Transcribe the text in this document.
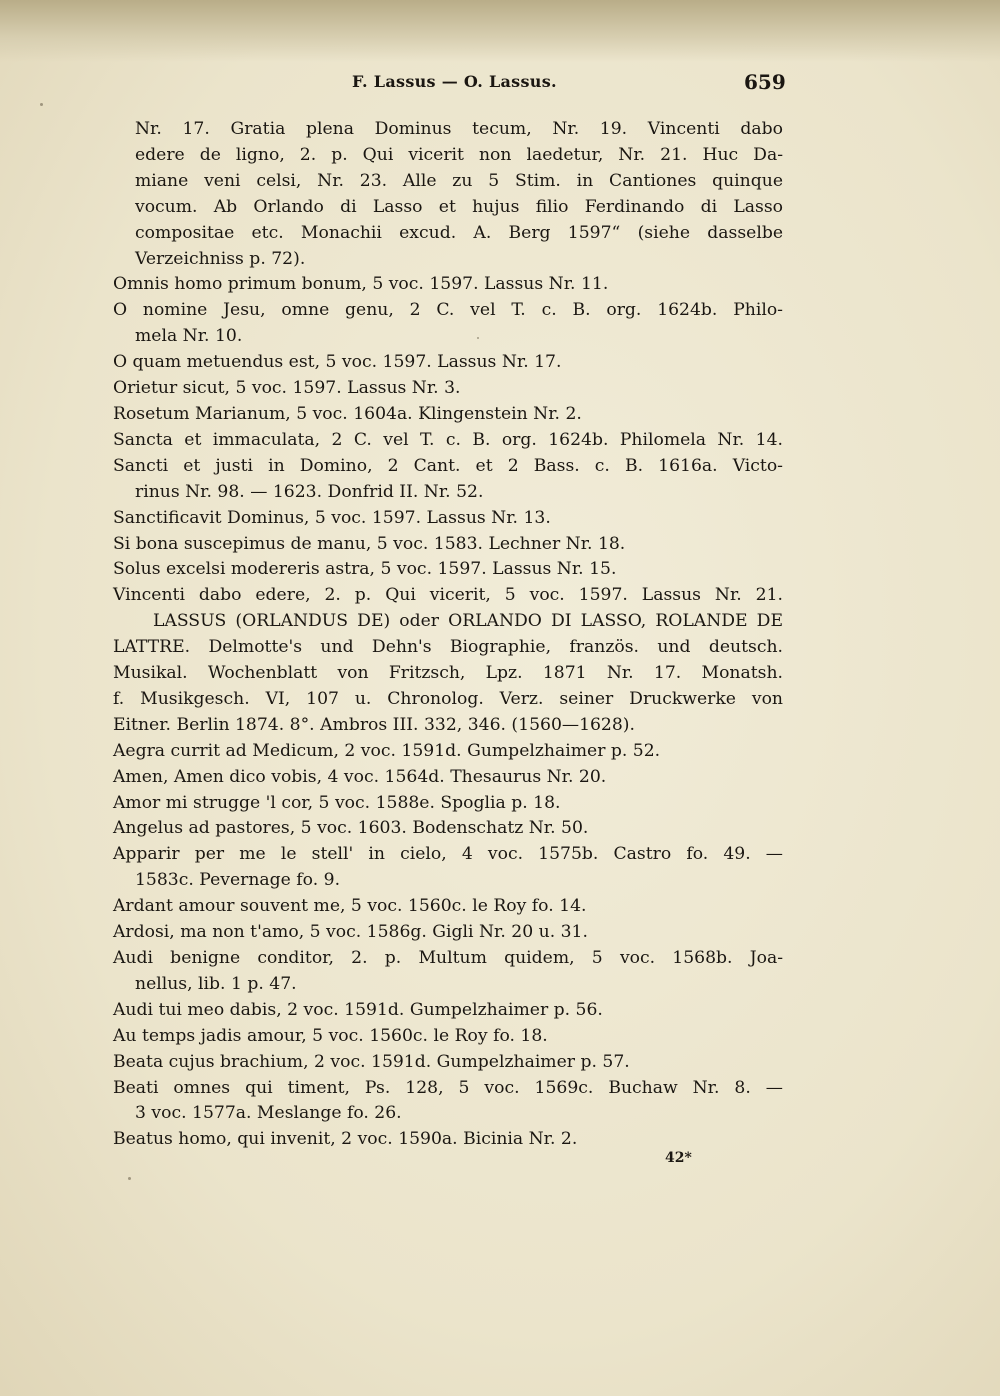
F. Lassus — O. Lassus.	659
Nr. 17. Gratia plena Dominus tecum, Nr. 19. Vincenti dabo
edere de ligno, 2. p. Qui vicerit non laedetur, Nr. 21. Huc Da-
miane veni celsi, Nr. 23. Alle zu 5 Stim. in Cantiones quinque
vocum. Ab Orlando di Lasso et hujus filio Ferdinando di Lasso
compositae etc. Monachii excud. A. Berg 1597“ (siehe dasselbe
Verzeichniss p. 72).
Omnis homo primum bonum, 5 voc. 1597. Lassus Nr. 11.
O nomine Jesu, omne genu, 2 C. vel T. c. B. org. 1624b. Philo-
mela Nr. 10.
O quam metuendus est, 5 voc. 1597. Lassus Nr. 17.
Orietur sicut, 5 voc. 1597. Lassus Nr. 3.
Rosetum Marianum, 5 voc. 1604a. Klingenstein Nr. 2.
Sancta et immaculata, 2 C. vel T. c. B. org. 1624b. Philomela Nr. 14.
Sancti et justi in Domino, 2 Cant. et 2 Bass. c. B. 1616a. Victo-
rinus Nr. 98. — 1623. Donfrid II. Nr. 52.
Sanctificavit Dominus, 5 voc. 1597. Lassus Nr. 13.
Si bona suscepimus de manu, 5 voc. 1583. Lechner Nr. 18.
Solus excelsi modereris astra, 5 voc. 1597. Lassus Nr. 15.
Vincenti dabo edere, 2. p. Qui vicerit, 5 voc. 1597. Lassus Nr. 21.
LASSUS (ORLANDUS DE) oder ORLANDO DI LASSO, ROLANDE DE
LATTRE. Delmotte's und Dehn's Biographie, französ. und deutsch.
Musikal. Wochenblatt von Fritzsch, Lpz. 1871 Nr. 17. Monatsh.
f. Musikgesch. VI, 107 u. Chronolog. Verz. seiner Druckwerke von
Eitner. Berlin 1874. 8°. Ambros III. 332, 346. (1560—1628).
Aegra currit ad Medicum, 2 voc. 1591d. Gumpelzhaimer p. 52.
Amen, Amen dico vobis, 4 voc. 1564d. Thesaurus Nr. 20.
Amor mi strugge 'l cor, 5 voc. 1588e. Spoglia p. 18.
Angelus ad pastores, 5 voc. 1603. Bodenschatz Nr. 50.
Apparir per me le stell' in cielo, 4 voc. 1575b. Castro fo. 49. —
1583c. Pevernage fo. 9.
Ardant amour souvent me, 5 voc. 1560c. le Roy fo. 14.
Ardosi, ma non t'amo, 5 voc. 1586g. Gigli Nr. 20 u. 31.
Audi benigne conditor, 2. p. Multum quidem, 5 voc. 1568b. Joa-
nellus, lib. 1 p. 47.
Audi tui meo dabis, 2 voc. 1591d. Gumpelzhaimer p. 56.
Au temps jadis amour, 5 voc. 1560c. le Roy fo. 18.
Beata cujus brachium, 2 voc. 1591d. Gumpelzhaimer p. 57.
Beati omnes qui timent, Ps. 128, 5 voc. 1569c. Buchaw Nr. 8. —
3 voc. 1577a. Meslange fo. 26.
Beatus homo, qui invenit, 2 voc. 1590a. Bicinia Nr. 2.
42*
